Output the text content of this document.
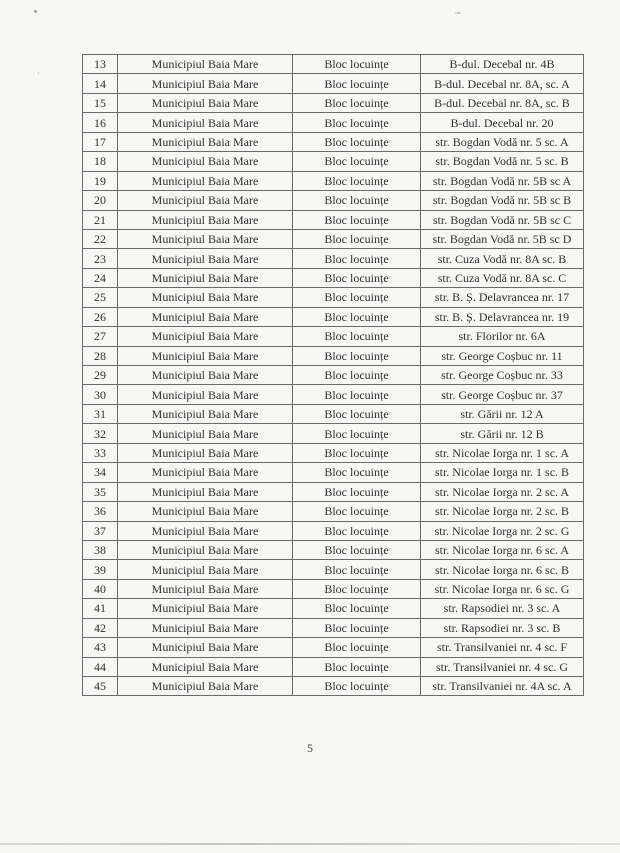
13	Municipiul Baia Mare	Bloc locuințe	B-dul. Decebal nr. 4B
14	Municipiul Baia Mare	Bloc locuințe	B-dul. Decebal nr. 8A, sc. A
15	Municipiul Baia Mare	Bloc locuințe	B-dul. Decebal nr. 8A, sc. B
16	Municipiul Baia Mare	Bloc locuințe	B-dul. Decebal nr. 20
17	Municipiul Baia Mare	Bloc locuințe	str. Bogdan Vodă nr. 5 sc. A
18	Municipiul Baia Mare	Bloc locuințe	str. Bogdan Vodă nr. 5 sc. B
19	Municipiul Baia Mare	Bloc locuințe	str. Bogdan Vodă nr. 5B sc A
20	Municipiul Baia Mare	Bloc locuințe	str. Bogdan Vodă nr. 5B sc B
21	Municipiul Baia Mare	Bloc locuințe	str. Bogdan Vodă nr. 5B sc C
22	Municipiul Baia Mare	Bloc locuințe	str. Bogdan Vodă nr. 5B sc D
23	Municipiul Baia Mare	Bloc locuințe	str. Cuza Vodă nr. 8A sc. B
24	Municipiul Baia Mare	Bloc locuințe	str. Cuza Vodă nr. 8A sc. C
25	Municipiul Baia Mare	Bloc locuințe	str. B. Ș. Delavrancea nr. 17
26	Municipiul Baia Mare	Bloc locuințe	str. B. Ș. Delavrancea nr. 19
27	Municipiul Baia Mare	Bloc locuințe	str. Florilor nr. 6A
28	Municipiul Baia Mare	Bloc locuințe	str. George Coșbuc nr. 11
29	Municipiul Baia Mare	Bloc locuințe	str. George Coșbuc nr. 33
30	Municipiul Baia Mare	Bloc locuințe	str. George Coșbuc nr. 37
31	Municipiul Baia Mare	Bloc locuințe	str. Gării nr. 12 A
32	Municipiul Baia Mare	Bloc locuințe	str. Gării nr. 12 B
33	Municipiul Baia Mare	Bloc locuințe	str. Nicolae Iorga nr. 1 sc. A
34	Municipiul Baia Mare	Bloc locuințe	str. Nicolae Iorga nr. 1 sc. B
35	Municipiul Baia Mare	Bloc locuințe	str. Nicolae Iorga nr. 2 sc. A
36	Municipiul Baia Mare	Bloc locuințe	str. Nicolae Iorga nr. 2 sc. B
37	Municipiul Baia Mare	Bloc locuințe	str. Nicolae Iorga nr. 2 sc. G
38	Municipiul Baia Mare	Bloc locuințe	str. Nicolae Iorga nr. 6 sc. A
39	Municipiul Baia Mare	Bloc locuințe	str. Nicolae Iorga nr. 6 sc. B
40	Municipiul Baia Mare	Bloc locuințe	str. Nicolae Iorga nr. 6 sc. G
41	Municipiul Baia Mare	Bloc locuințe	str. Rapsodiei nr. 3 sc. A
42	Municipiul Baia Mare	Bloc locuințe	str. Rapsodiei nr. 3 sc. B
43	Municipiul Baia Mare	Bloc locuințe	str. Transilvaniei nr. 4 sc. F
44	Municipiul Baia Mare	Bloc locuințe	str. Transilvaniei nr. 4 sc. G
45	Municipiul Baia Mare	Bloc locuințe	str. Transilvaniei nr. 4A sc. A
5
